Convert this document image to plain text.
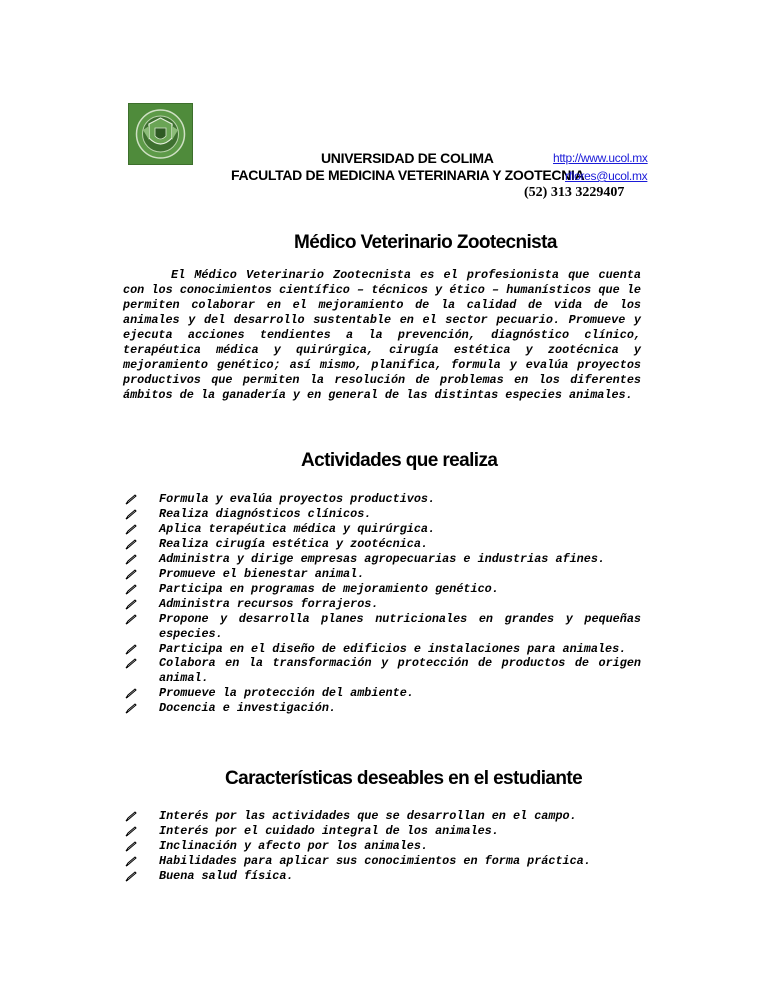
UNIVERSIDAD DE COLIMA	http://www.ucol.mx
FACULTAD DE MEDICINA VETERINARIA Y ZOOTECNIA
rflores@ucol.mx
(52) 313 3229407
Médico Veterinario Zootecnista
El Médico Veterinario Zootecnista es el profesionista que cuenta con los conocimientos científico – técnicos y ético – humanísticos que le permiten colaborar en el mejoramiento de la calidad de vida de los animales y del desarrollo sustentable en el sector pecuario. Promueve y ejecuta acciones tendientes a la prevención, diagnóstico clínico, terapéutica médica y quirúrgica, cirugía estética y zootécnica y mejoramiento genético; así mismo, planifica, formula y evalúa proyectos productivos que permiten la resolución de problemas en los diferentes ámbitos de la ganadería y en general de las distintas especies animales.
Actividades que realiza
Formula y evalúa proyectos productivos.
Realiza diagnósticos clínicos.
Aplica terapéutica médica y quirúrgica.
Realiza cirugía estética y zootécnica.
Administra y dirige empresas agropecuarias e industrias afines.
Promueve el bienestar animal.
Participa en programas de mejoramiento genético.
Administra recursos forrajeros.
Propone y desarrolla planes nutricionales en grandes y pequeñas especies.
Participa en el diseño de edificios e instalaciones para animales.
Colabora en la transformación y protección de productos de origen animal.
Promueve la protección del ambiente.
Docencia e investigación.
Características deseables en el estudiante
Interés por las actividades que se desarrollan en el campo.
Interés por el cuidado integral de los animales.
Inclinación y afecto por los animales.
Habilidades para aplicar sus conocimientos en forma práctica.
Buena salud física.
